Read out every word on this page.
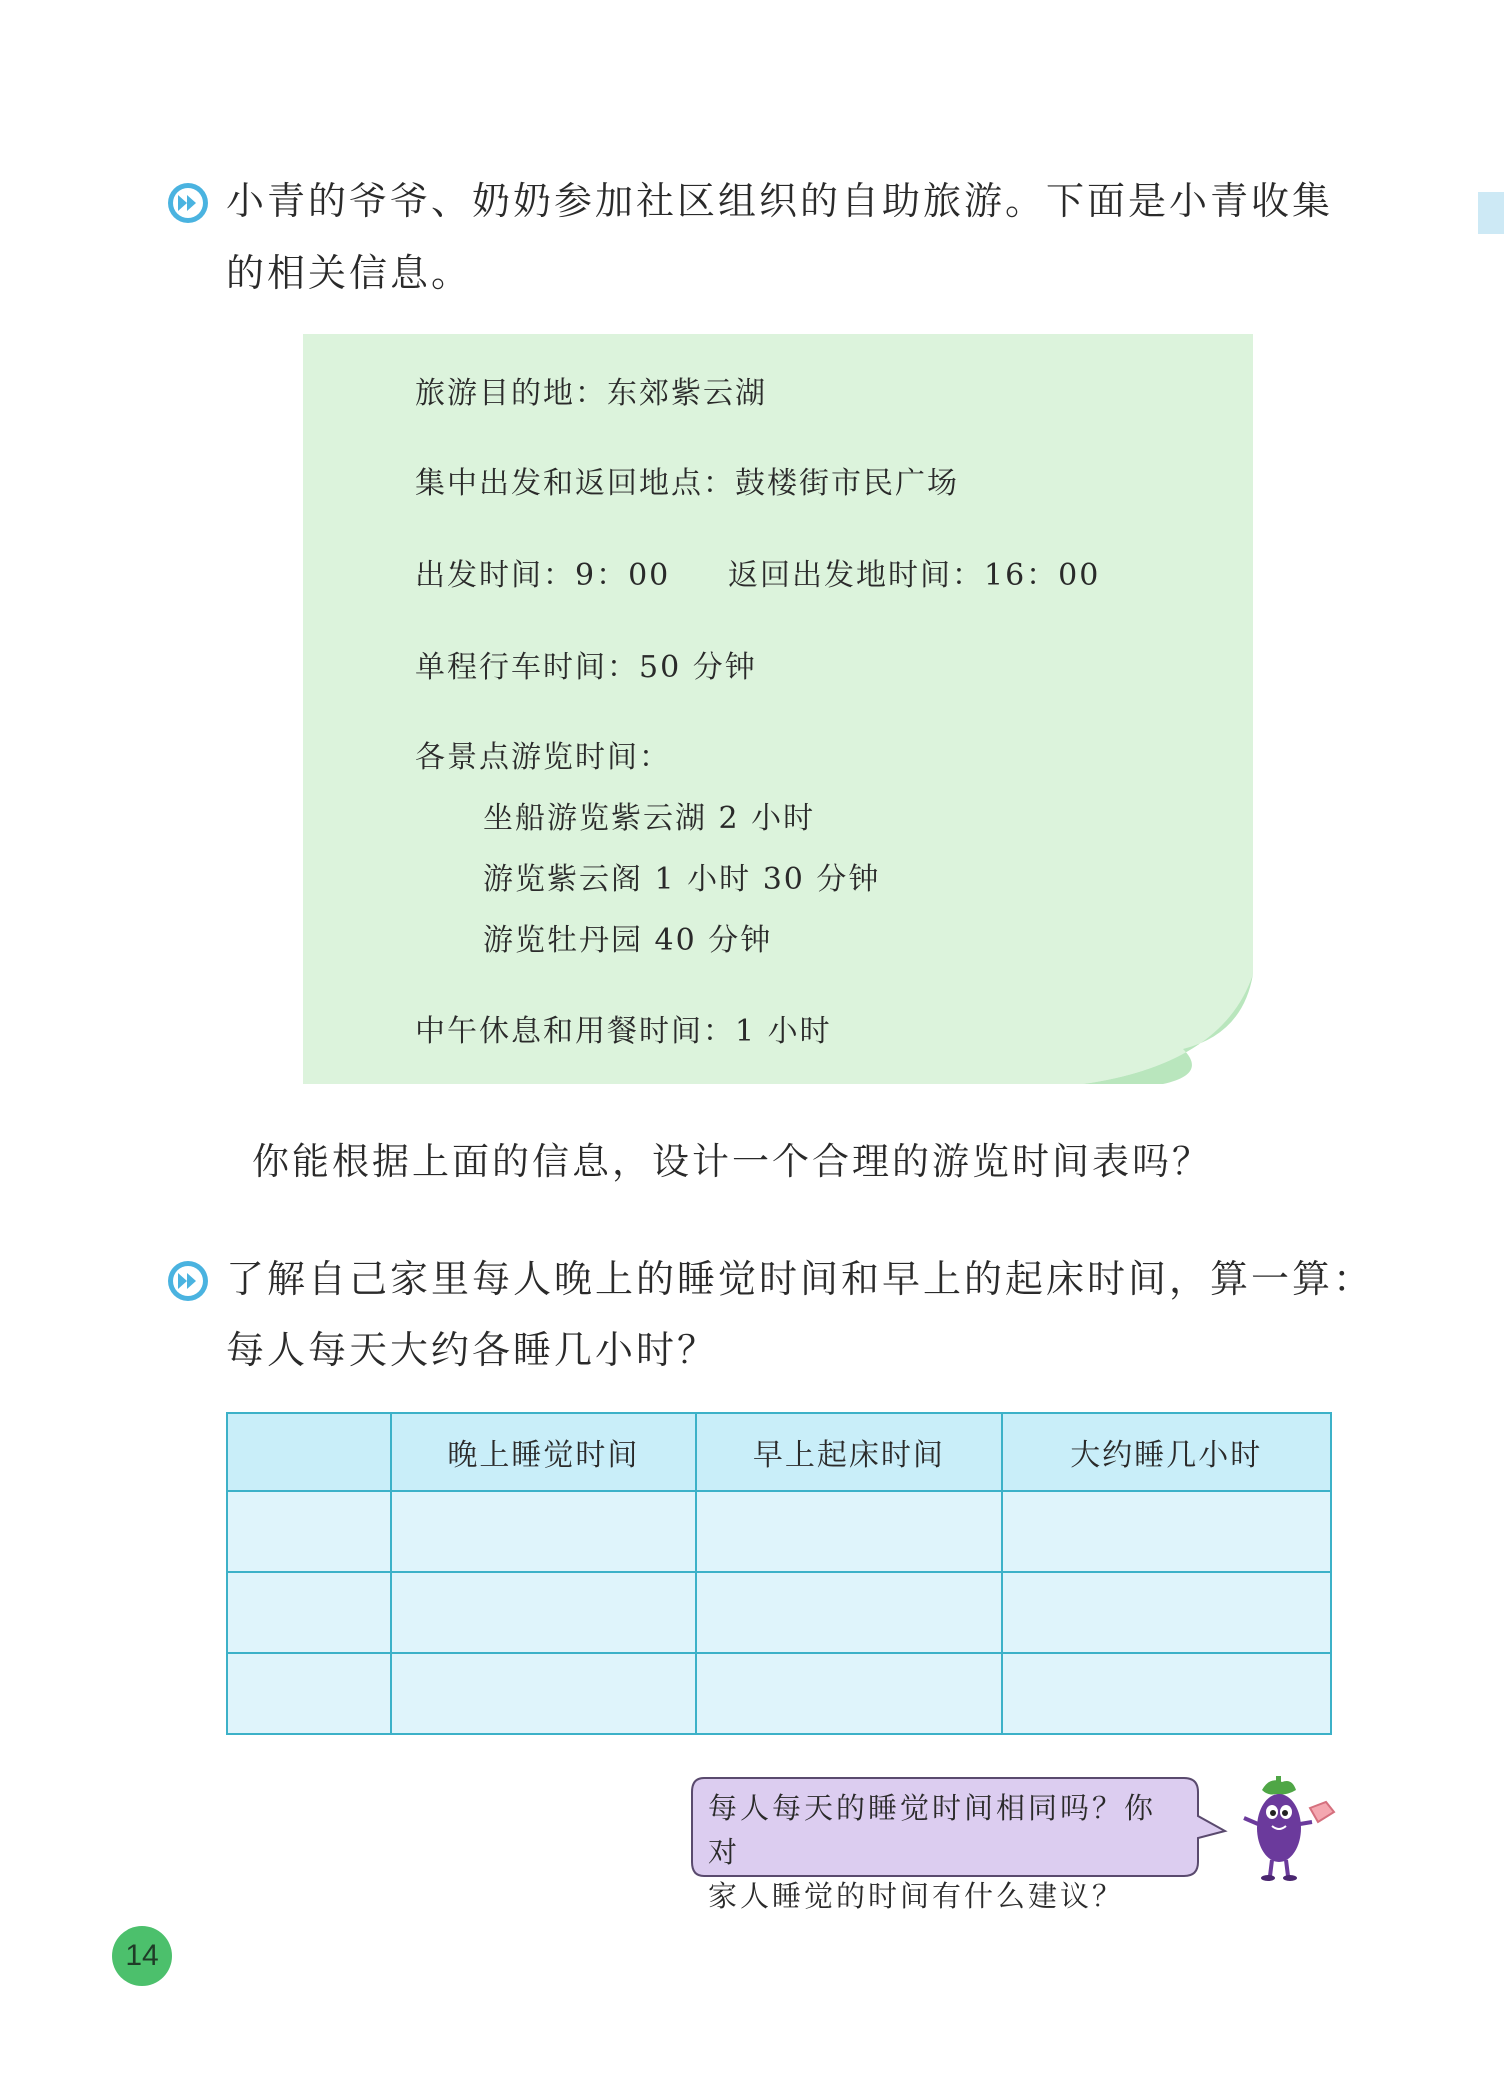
小青的爷爷、奶奶参加社区组织的自助旅游。下面是小青收集
的相关信息。
旅游目的地：东郊紫云湖
集中出发和返回地点：鼓楼街市民广场
出发时间：9：00 返回出发地时间：16：00
单程行车时间：50 分钟
各景点游览时间：
坐船游览紫云湖 2 小时
游览紫云阁 1 小时 30 分钟
游览牡丹园 40 分钟
中午休息和用餐时间：1 小时
你能根据上面的信息，设计一个合理的游览时间表吗？
了解自己家里每人晚上的睡觉时间和早上的起床时间，算一算：
每人每天大约各睡几小时？
	晚上睡觉时间	早上起床时间	大约睡几小时

每人每天的睡觉时间相同吗？你对
家人睡觉的时间有什么建议？
14
